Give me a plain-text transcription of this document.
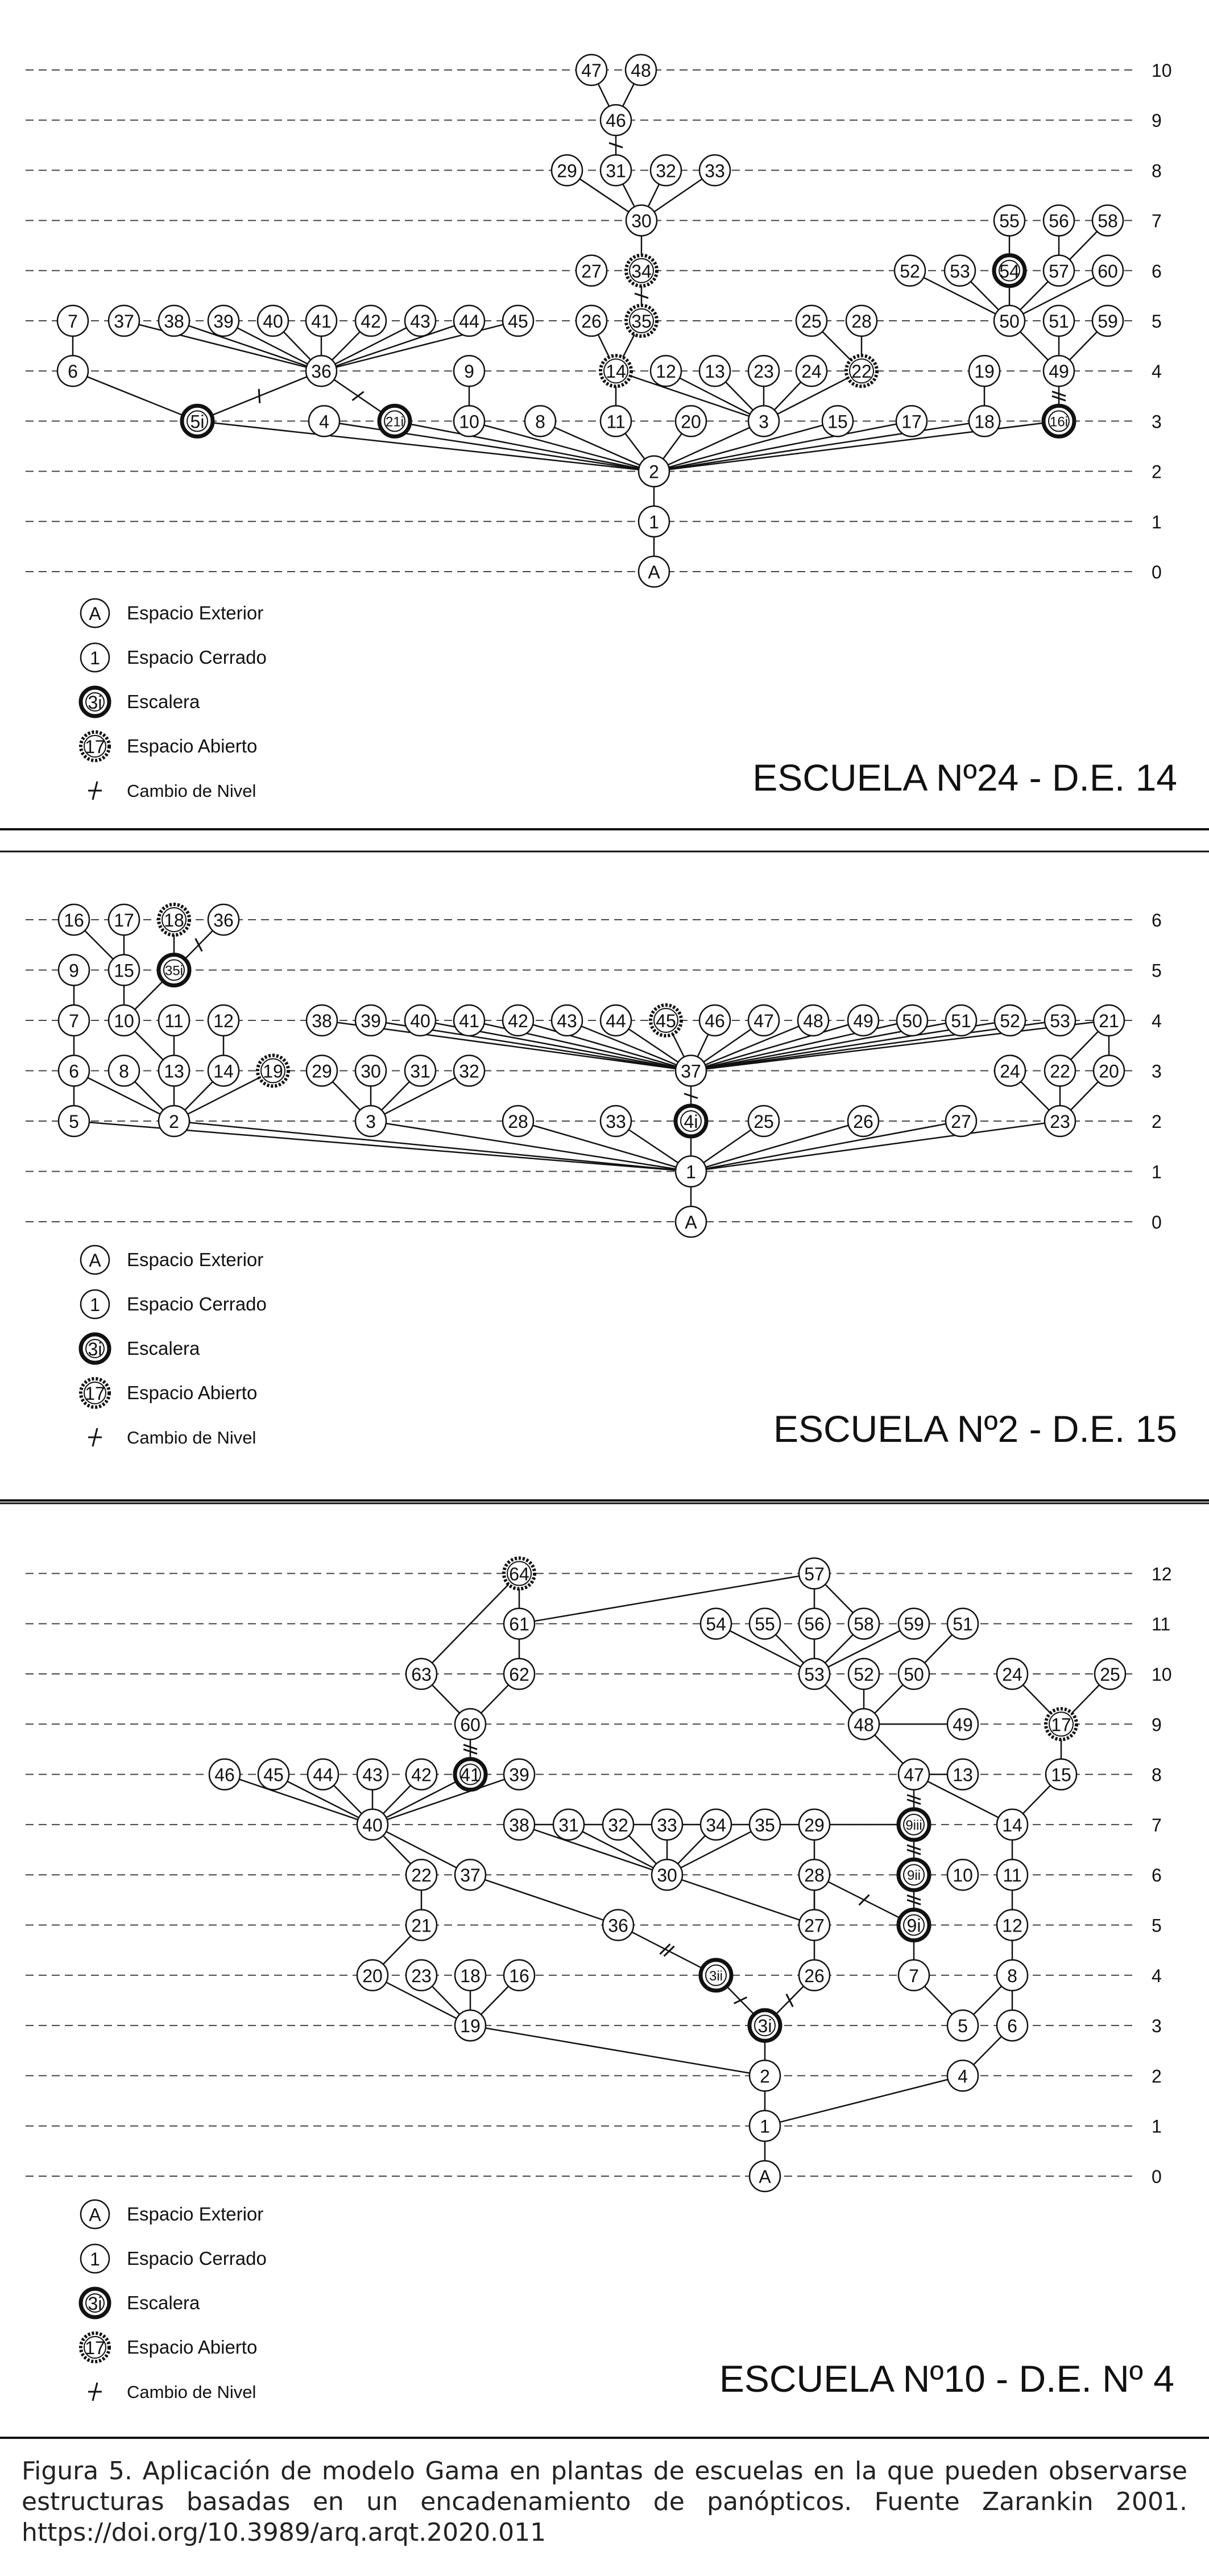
0
1
2
3
4
5
6
7
8
9
10
A
1
2
5i	4	21i	10	8	11	20	3	15	17	18	16i
6	36	9	14 12 13 23 24 22	19	49
7 37 38 39 40 41 42 43 44 45	26 35	25 28	50 51 59
27 34	52 53 54 57 60
30	55 56 58
29 31 32 33
46
47 48
A Espacio Exterior
1 Espacio Cerrado
3i Escalera
17 Espacio Abierto
Cambio de Nivel	ESCUELA Nº24 - D.E. 14
0
1
2
3
4
5
6
A
1
5	2	3	28	33	4i	25	26	27	23
6 8 13 14 19 29 30 31 32	37	24 22 20
7 10 11 12	38 39 40 41 42 43 44 45 46 47 48 49 50 51 52 53 21
9 15 35i
16 17 18 36
A Espacio Exterior
1 Espacio Cerrado
3i Escalera
17 Espacio Abierto
Cambio de Nivel	ESCUELA Nº2 - D.E. 15
0
1
2
3
4
5
6
7
8
9
10
11
12
A
1
2	4
19	3i	5 6
20 23 18 16	3ii	26	7	8
21	36	27	9i	12
22 37	30	28	9ii 10 11
40	38 31 32 33 34 35 29	9iii	14
46 45 44 43 42 41 39	47 13	15
60	48	49	17
63	62	53 52 50	24	25
61	54 55 56 58 59 51
64	57
A Espacio Exterior
1 Espacio Cerrado
3i Escalera
17 Espacio Abierto
Cambio de Nivel	ESCUELA Nº10 - D.E. Nº 4
Figura 5. Aplicación de modelo Gama en plantas de escuelas en la que pueden observarse estructuras basadas en un encadenamiento de panópticos. Fuente Zarankin 2001. https://doi.org/10.3989/arq.arqt.2020.011
